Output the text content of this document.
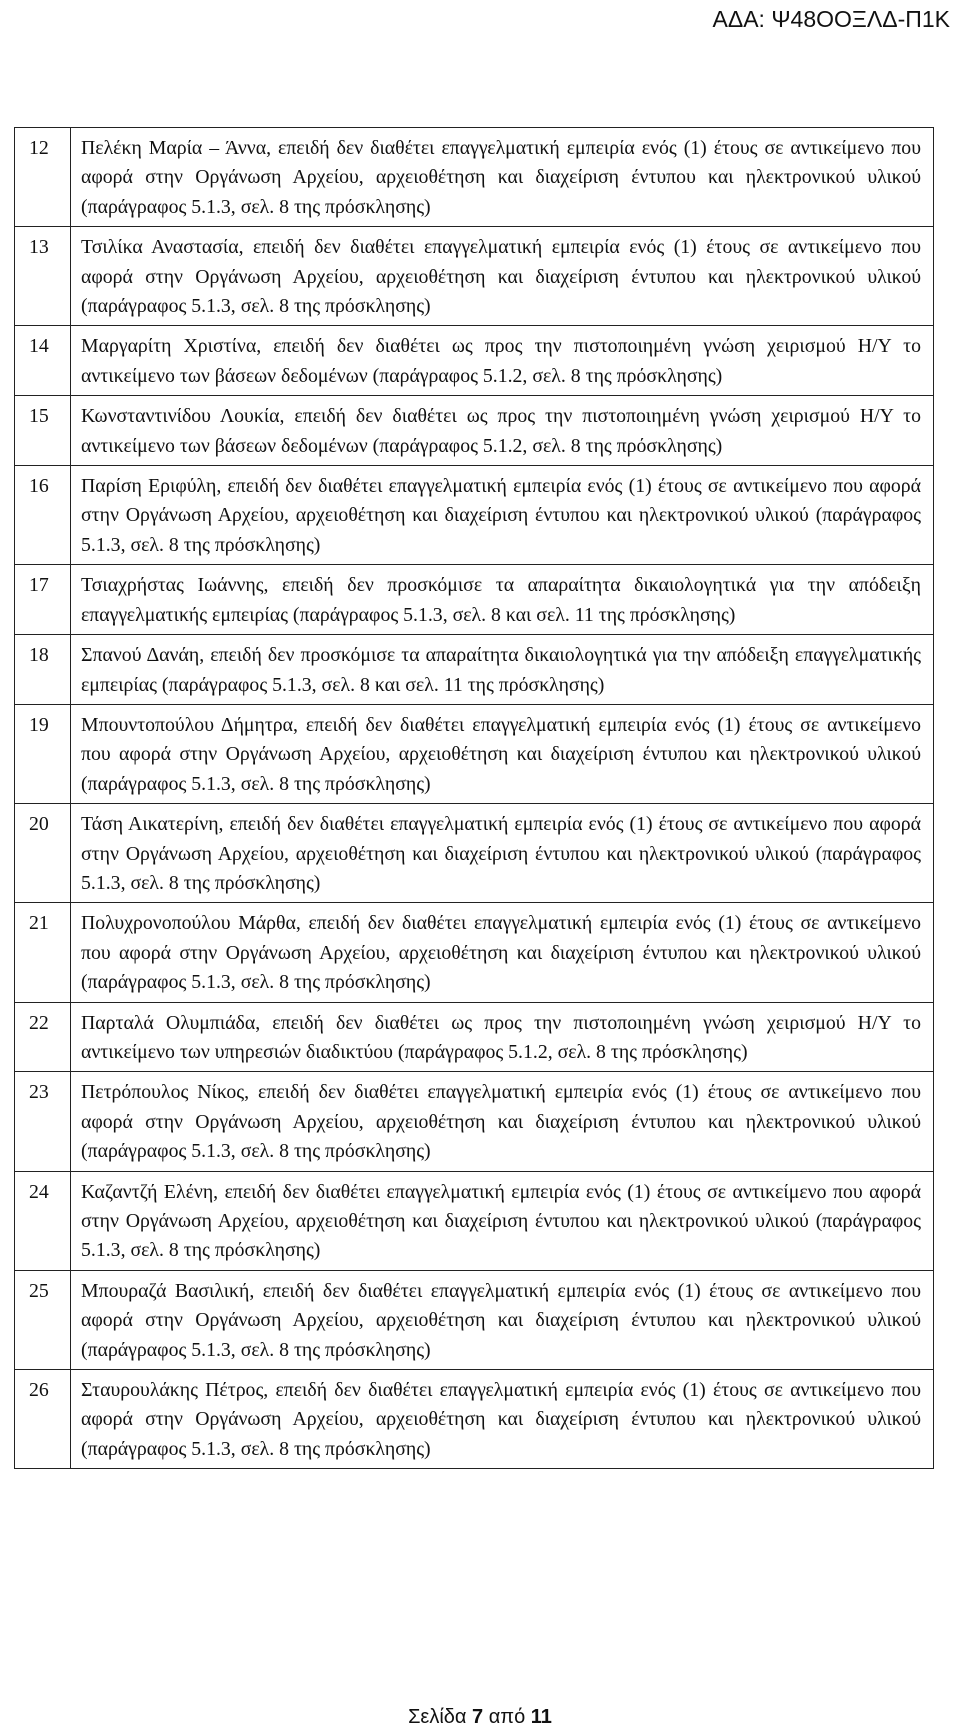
ΑΔΑ: Ψ48ΟΟΞΛΔ-Π1Κ
12	Πελέκη Μαρία – Άννα, επειδή δεν διαθέτει επαγγελματική εμπειρία ενός (1) έτους σε αντικείμενο που αφορά στην Οργάνωση Αρχείου, αρχειοθέτηση και διαχείριση έντυπου και ηλεκτρονικού υλικού (παράγραφος 5.1.3, σελ. 8 της πρόσκλησης)
13	Τσιλίκα Αναστασία, επειδή δεν διαθέτει επαγγελματική εμπειρία ενός (1) έτους σε αντικείμενο που αφορά στην Οργάνωση Αρχείου, αρχειοθέτηση και διαχείριση έντυπου και ηλεκτρονικού υλικού (παράγραφος 5.1.3, σελ. 8 της πρόσκλησης)
14	Μαργαρίτη Χριστίνα, επειδή δεν διαθέτει ως προς την πιστοποιημένη γνώση χειρισμού Η/Υ το αντικείμενο των βάσεων δεδομένων (παράγραφος 5.1.2, σελ. 8 της πρόσκλησης)
15	Κωνσταντινίδου Λουκία, επειδή δεν διαθέτει ως προς την πιστοποιημένη γνώση χειρισμού Η/Υ το αντικείμενο των βάσεων δεδομένων (παράγραφος 5.1.2, σελ. 8 της πρόσκλησης)
16	Παρίση Εριφύλη, επειδή δεν διαθέτει επαγγελματική εμπειρία ενός (1) έτους σε αντικείμενο που αφορά στην Οργάνωση Αρχείου, αρχειοθέτηση και διαχείριση έντυπου και ηλεκτρονικού υλικού (παράγραφος 5.1.3, σελ. 8 της πρόσκλησης)
17	Τσιαχρήστας Ιωάννης, επειδή δεν προσκόμισε τα απαραίτητα δικαιολογητικά για την απόδειξη επαγγελματικής εμπειρίας (παράγραφος 5.1.3, σελ. 8 και σελ. 11 της πρόσκλησης)
18	Σπανού Δανάη, επειδή δεν προσκόμισε τα απαραίτητα δικαιολογητικά για την απόδειξη επαγγελματικής εμπειρίας (παράγραφος 5.1.3, σελ. 8 και σελ. 11 της πρόσκλησης)
19	Μπουντοπούλου Δήμητρα, επειδή δεν διαθέτει επαγγελματική εμπειρία ενός (1) έτους σε αντικείμενο που αφορά στην Οργάνωση Αρχείου, αρχειοθέτηση και διαχείριση έντυπου και ηλεκτρονικού υλικού (παράγραφος 5.1.3, σελ. 8 της πρόσκλησης)
20	Τάση Αικατερίνη, επειδή δεν διαθέτει επαγγελματική εμπειρία ενός (1) έτους σε αντικείμενο που αφορά στην Οργάνωση Αρχείου, αρχειοθέτηση και διαχείριση έντυπου και ηλεκτρονικού υλικού (παράγραφος 5.1.3, σελ. 8 της πρόσκλησης)
21	Πολυχρονοπούλου Μάρθα, επειδή δεν διαθέτει επαγγελματική εμπειρία ενός (1) έτους σε αντικείμενο που αφορά στην Οργάνωση Αρχείου, αρχειοθέτηση και διαχείριση έντυπου και ηλεκτρονικού υλικού (παράγραφος 5.1.3, σελ. 8 της πρόσκλησης)
22	Παρταλά Ολυμπιάδα, επειδή δεν διαθέτει ως προς την πιστοποιημένη γνώση χειρισμού Η/Υ το αντικείμενο των υπηρεσιών διαδικτύου (παράγραφος 5.1.2, σελ. 8 της πρόσκλησης)
23	Πετρόπουλος Νίκος, επειδή δεν διαθέτει επαγγελματική εμπειρία ενός (1) έτους σε αντικείμενο που αφορά στην Οργάνωση Αρχείου, αρχειοθέτηση και διαχείριση έντυπου και ηλεκτρονικού υλικού (παράγραφος 5.1.3, σελ. 8 της πρόσκλησης)
24	Καζαντζή Ελένη, επειδή δεν διαθέτει επαγγελματική εμπειρία ενός (1) έτους σε αντικείμενο που αφορά στην Οργάνωση Αρχείου, αρχειοθέτηση και διαχείριση έντυπου και ηλεκτρονικού υλικού (παράγραφος 5.1.3, σελ. 8 της πρόσκλησης)
25	Μπουραζά Βασιλική, επειδή δεν διαθέτει επαγγελματική εμπειρία ενός (1) έτους σε αντικείμενο που αφορά στην Οργάνωση Αρχείου, αρχειοθέτηση και διαχείριση έντυπου και ηλεκτρονικού υλικού (παράγραφος 5.1.3, σελ. 8 της πρόσκλησης)
26	Σταυρουλάκης Πέτρος, επειδή δεν διαθέτει επαγγελματική εμπειρία ενός (1) έτους σε αντικείμενο που αφορά στην Οργάνωση Αρχείου, αρχειοθέτηση και διαχείριση έντυπου και ηλεκτρονικού υλικού (παράγραφος 5.1.3, σελ. 8 της πρόσκλησης)
Σελίδα 7 από 11
